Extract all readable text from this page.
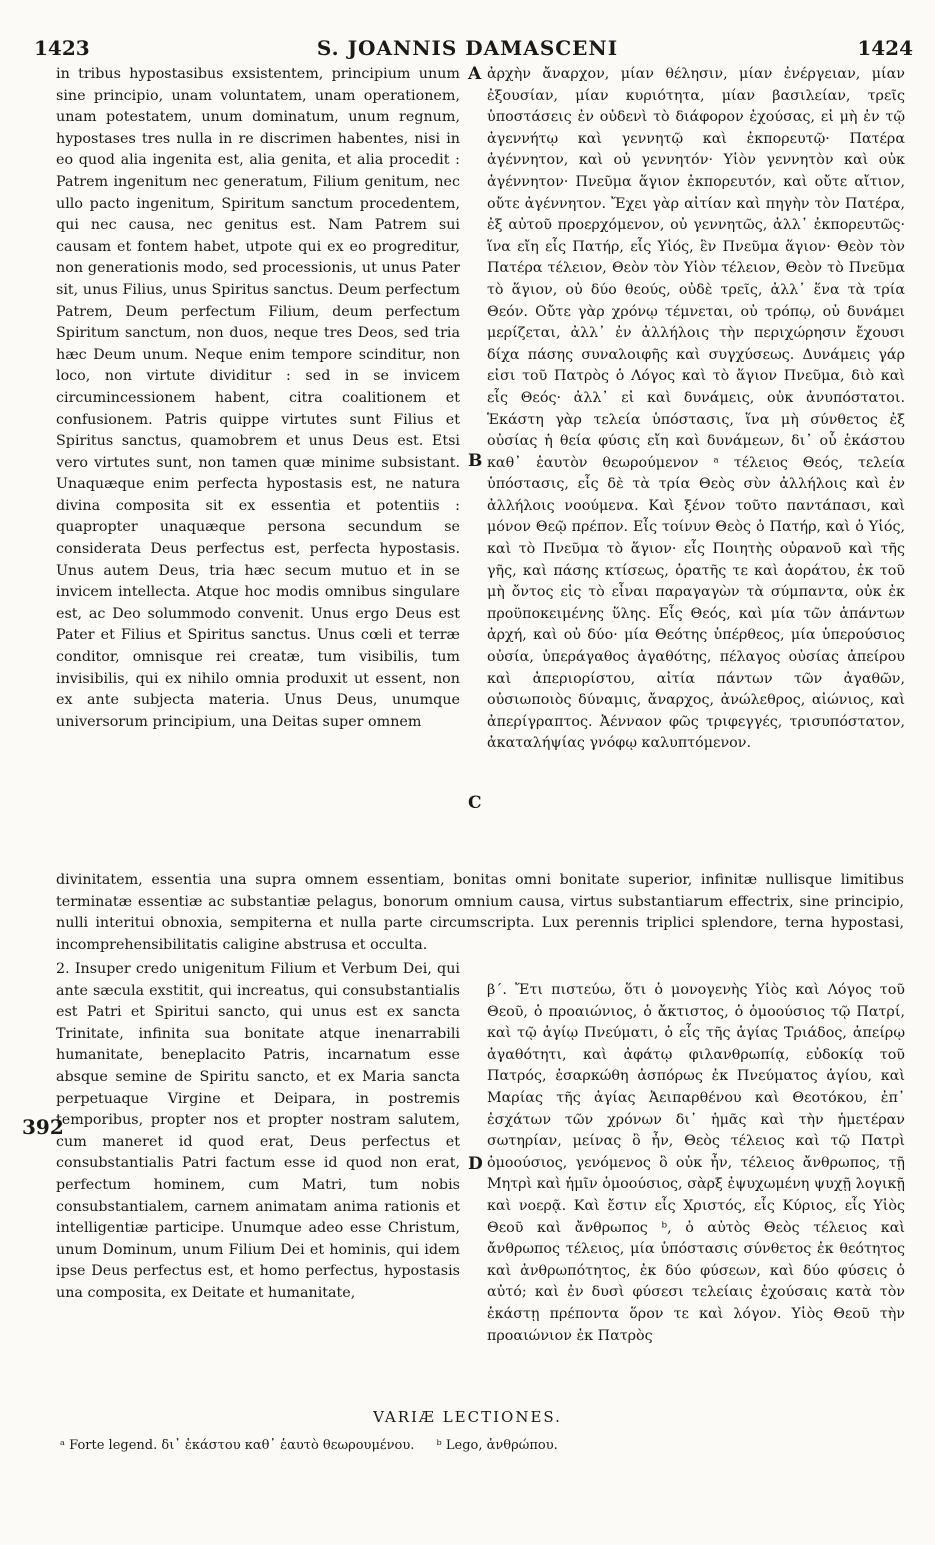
1423	S. JOANNIS DAMASCENI	1424
A
B
C
D
392

in tribus hypostasibus exsistentem, principium unum sine principio, unam voluntatem, unam operationem, unam potestatem, unum dominatum, unum regnum, hypostases tres nulla in re discrimen habentes, nisi in eo quod alia ingenita est, alia genita, et alia procedit : Patrem ingenitum nec generatum, Filium genitum, nec ullo pacto ingenitum, Spiritum sanctum procedentem, qui nec causa, nec genitus est. Nam Patrem sui causam et fontem habet, utpote qui ex eo progreditur, non generationis modo, sed processionis, ut unus Pater sit, unus Filius, unus Spiritus sanctus. Deum perfectum Patrem, Deum perfectum Filium, deum perfectum Spiritum sanctum, non duos, neque tres Deos, sed tria hæc Deum unum. Neque enim tempore scinditur, non loco, non virtute dividitur : sed in se invicem circumincessionem habent, citra coalitionem et confusionem. Patris quippe virtutes sunt Filius et Spiritus sanctus, quamobrem et unus Deus est. Etsi vero virtutes sunt, non tamen quæ minime subsistant. Unaquæque enim perfecta hypostasis est, ne natura divina composita sit ex essentia et potentiis : quapropter unaquæque persona secundum se considerata Deus perfectus est, perfecta hypostasis. Unus autem Deus, tria hæc secum mutuo et in se invicem intellecta. Atque hoc modis omnibus singulare est, ac Deo solummodo convenit. Unus ergo Deus est Pater et Filius et Spiritus sanctus. Unus cœli et terræ conditor, omnisque rei creatæ, tum visibilis, tum invisibilis, qui ex nihilo omnia produxit ut essent, non ex ante subjecta materia. Unus Deus, unumque universorum principium, una Deitas super omnem

ἀρχὴν ἄναρχον, μίαν θέλησιν, μίαν ἐνέργειαν, μίαν ἐξουσίαν, μίαν κυριότητα, μίαν βασιλείαν, τρεῖς ὑποστάσεις ἐν οὐδενὶ τὸ διάφορον ἐχούσας, εἰ μὴ ἐν τῷ ἀγεννήτῳ καὶ γεννητῷ καὶ ἐκπορευτῷ· Πατέρα ἀγέννητον, καὶ οὐ γεννητόν· Υἱὸν γεννητὸν καὶ οὐκ ἀγέννητον· Πνεῦμα ἅγιον ἐκπορευτόν, καὶ οὔτε αἴτιον, οὔτε ἀγέννητον. Ἔχει γὰρ αἰτίαν καὶ πηγὴν τὸν Πατέρα, ἐξ αὐτοῦ προερχόμενον, οὐ γεννητῶς, ἀλλ᾽ ἐκπορευτῶς· ἵνα εἴη εἷς Πατήρ, εἷς Υἱός, ἓν Πνεῦμα ἅγιον· Θεὸν τὸν Πατέρα τέλειον, Θεὸν τὸν Υἱὸν τέλειον, Θεὸν τὸ Πνεῦμα τὸ ἅγιον, οὐ δύο θεούς, οὐδὲ τρεῖς, ἀλλ᾽ ἕνα τὰ τρία Θεόν. Οὔτε γὰρ χρόνῳ τέμνεται, οὐ τρόπῳ, οὐ δυνάμει μερίζεται, ἀλλ᾽ ἐν ἀλλήλοις τὴν περιχώρησιν ἔχουσι δίχα πάσης συναλοιφῆς καὶ συγχύσεως. Δυνάμεις γάρ εἰσι τοῦ Πατρὸς ὁ Λόγος καὶ τὸ ἅγιον Πνεῦμα, διὸ καὶ εἷς Θεός· ἀλλ᾽ εἰ καὶ δυνάμεις, οὐκ ἀνυπόστατοι. Ἑκάστη γὰρ τελεία ὑπόστασις, ἵνα μὴ σύνθετος ἐξ οὐσίας ἡ θεία φύσις εἴη καὶ δυνάμεων, δι᾽ οὗ ἑκάστου καθ᾽ ἑαυτὸν θεωρούμενον ᵃ τέλειος Θεός, τελεία ὑπόστασις, εἷς δὲ τὰ τρία Θεὸς σὺν ἀλλήλοις καὶ ἐν ἀλλήλοις νοούμενα. Καὶ ξένον τοῦτο παντάπασι, καὶ μόνον Θεῷ πρέπον. Εἷς τοίνυν Θεὸς ὁ Πατήρ, καὶ ὁ Υἱός, καὶ τὸ Πνεῦμα τὸ ἅγιον· εἷς Ποιητὴς οὐρανοῦ καὶ τῆς γῆς, καὶ πάσης κτίσεως, ὁρατῆς τε καὶ ἀοράτου, ἐκ τοῦ μὴ ὄντος εἰς τὸ εἶναι παραγαγὼν τὰ σύμπαντα, οὐκ ἐκ προϋποκειμένης ὕλης. Εἷς Θεός, καὶ μία τῶν ἁπάντων ἀρχή, καὶ οὐ δύο· μία Θεότης ὑπέρθεος, μία ὑπερούσιος οὐσία, ὑπεράγαθος ἀγαθότης, πέλαγος οὐσίας ἀπείρου καὶ ἀπεριορίστου, αἰτία πάντων τῶν ἀγαθῶν, οὐσιωποιὸς δύναμις, ἄναρχος, ἀνώλεθρος, αἰώνιος, καὶ ἀπερίγραπτος. Ἀένναον φῶς τριφεγγές, τρισυπόστατον, ἀκαταλήψίας γνόφῳ καλυπτόμενον.

divinitatem, essentia una supra omnem essentiam, bonitas omni bonitate superior, infinitæ nullisque limitibus terminatæ essentiæ ac substantiæ pelagus, bonorum omnium causa, virtus substantiarum effectrix, sine principio, nulli interitui obnoxia, sempiterna et nulla parte circumscripta. Lux perennis triplici splendore, terna hypostasi, incomprehensibilitatis caligine abstrusa et occulta.

2. Insuper credo unigenitum Filium et Verbum Dei, qui ante sæcula exstitit, qui increatus, qui consubstantialis est Patri et Spiritui sancto, qui unus est ex sancta Trinitate, infinita sua bonitate atque inenarrabili humanitate, beneplacito Patris, incarnatum esse absque semine de Spiritu sancto, et ex Maria sancta perpetuaque Virgine et Deipara, in postremis temporibus, propter nos et propter nostram salutem, cum maneret id quod erat, Deus perfectus et consubstantialis Patri factum esse id quod non erat, perfectum hominem, cum Matri, tum nobis consubstantialem, carnem animatam anima rationis et intelligentiæ participe. Unumque adeo esse Christum, unum Dominum, unum Filium Dei et hominis, qui idem ipse Deus perfectus est, et homo perfectus, hypostasis una composita, ex Deitate et humanitate,

β΄. Ἔτι πιστεύω, ὅτι ὁ μονογενὴς Υἱὸς καὶ Λόγος τοῦ Θεοῦ, ὁ προαιώνιος, ὁ ἄκτιστος, ὁ ὁμοούσιος τῷ Πατρί, καὶ τῷ ἁγίῳ Πνεύματι, ὁ εἷς τῆς ἁγίας Τριάδος, ἀπείρῳ ἀγαθότητι, καὶ ἀφάτῳ φιλανθρωπίᾳ, εὐδοκίᾳ τοῦ Πατρός, ἐσαρκώθη ἀσπόρως ἐκ Πνεύματος ἁγίου, καὶ Μαρίας τῆς ἁγίας Ἀειπαρθένου καὶ Θεοτόκου, ἐπ᾽ ἐσχάτων τῶν χρόνων δι᾽ ἡμᾶς καὶ τὴν ἡμετέραν σωτηρίαν, μείνας ὃ ἦν, Θεὸς τέλειος καὶ τῷ Πατρὶ ὁμοούσιος, γενόμενος ὃ οὐκ ἦν, τέλειος ἄνθρωπος, τῇ Μητρὶ καὶ ἡμῖν ὁμοούσιος, σὰρξ ἐψυχωμένη ψυχῇ λογικῇ καὶ νοερᾷ. Καὶ ἔστιν εἷς Χριστός, εἷς Κύριος, εἷς Υἱὸς Θεοῦ καὶ ἄνθρωπος ᵇ, ὁ αὐτὸς Θεὸς τέλειος καὶ ἄνθρωπος τέλειος, μία ὑπόστασις σύνθετος ἐκ θεότητος καὶ ἀνθρωπότητος, ἐκ δύο φύσεων, καὶ δύο φύσεις ὁ αὐτό; καὶ ἐν δυσὶ φύσεσι τελείαις ἐχούσαις κατὰ τὸν ἑκάστῃ πρέποντα ὅρον τε καὶ λόγον. Υἱὸς Θεοῦ τὴν προαιώνιον ἐκ Πατρὸς

VARIÆ LECTIONES.
ᵃ Forte legend. δι᾽ ἑκάστου καθ᾽ ἑαυτὸ θεωρουμένου. ᵇ Lego, ἀνθρώπου.
